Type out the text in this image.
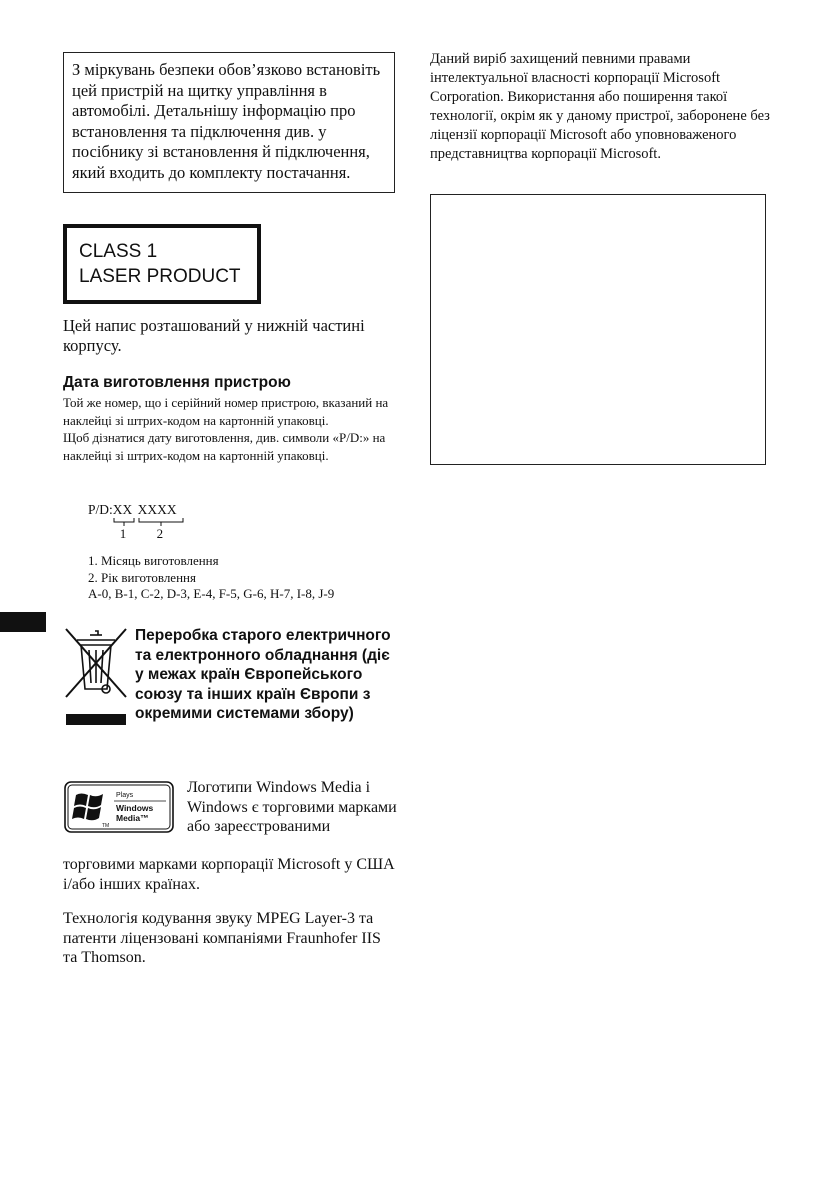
З міркувань безпеки обов’язково встановіть цей пристрій на щитку управління в автомобілі. Детальнішу інформацію про встановлення та підключення див. у посібнику зі встановлення й підключення, який входить до комплекту постачання.

CLASS 1
LASER PRODUCT

Цей напис розташований у нижній частині корпусу.

Дата виготовлення пристрою

Той же номер, що і серійний номер пристрою, вказаний на наклейці зі штрих-кодом на картонній упаковці.

Щоб дізнатися дату виготовлення, див. символи «P/D:» на наклейці зі штрих-кодом на картонній упаковці.

P/D:XX
1
XXXX
2
1. Місяць виготовлення
2. Рік виготовлення
A-0, B-1, C-2, D-3, E-4, F-5, G-6, H-7, I-8, J-9

Переробка старого електричного та електронного обладнання (діє у межах країн Європейського союзу та інших країн Європи з окремими системами збору)

Plays
Windows
Media™
TM

Логотипи Windows Media і Windows є торговими марками або зареєстрованими

торговими марками корпорації Microsoft у США і/або інших країнах.

Технологія кодування звуку MPEG Layer-3 та патенти ліцензовані компаніями Fraunhofer IIS та Thomson.

Даний виріб захищений певними правами інтелектуальної власності корпорації Microsoft Corporation. Використання або поширення такої технології, окрім як у даному пристрої, заборонене без ліцензії корпорації Microsoft або уповноваженого представництва корпорації Microsoft.
